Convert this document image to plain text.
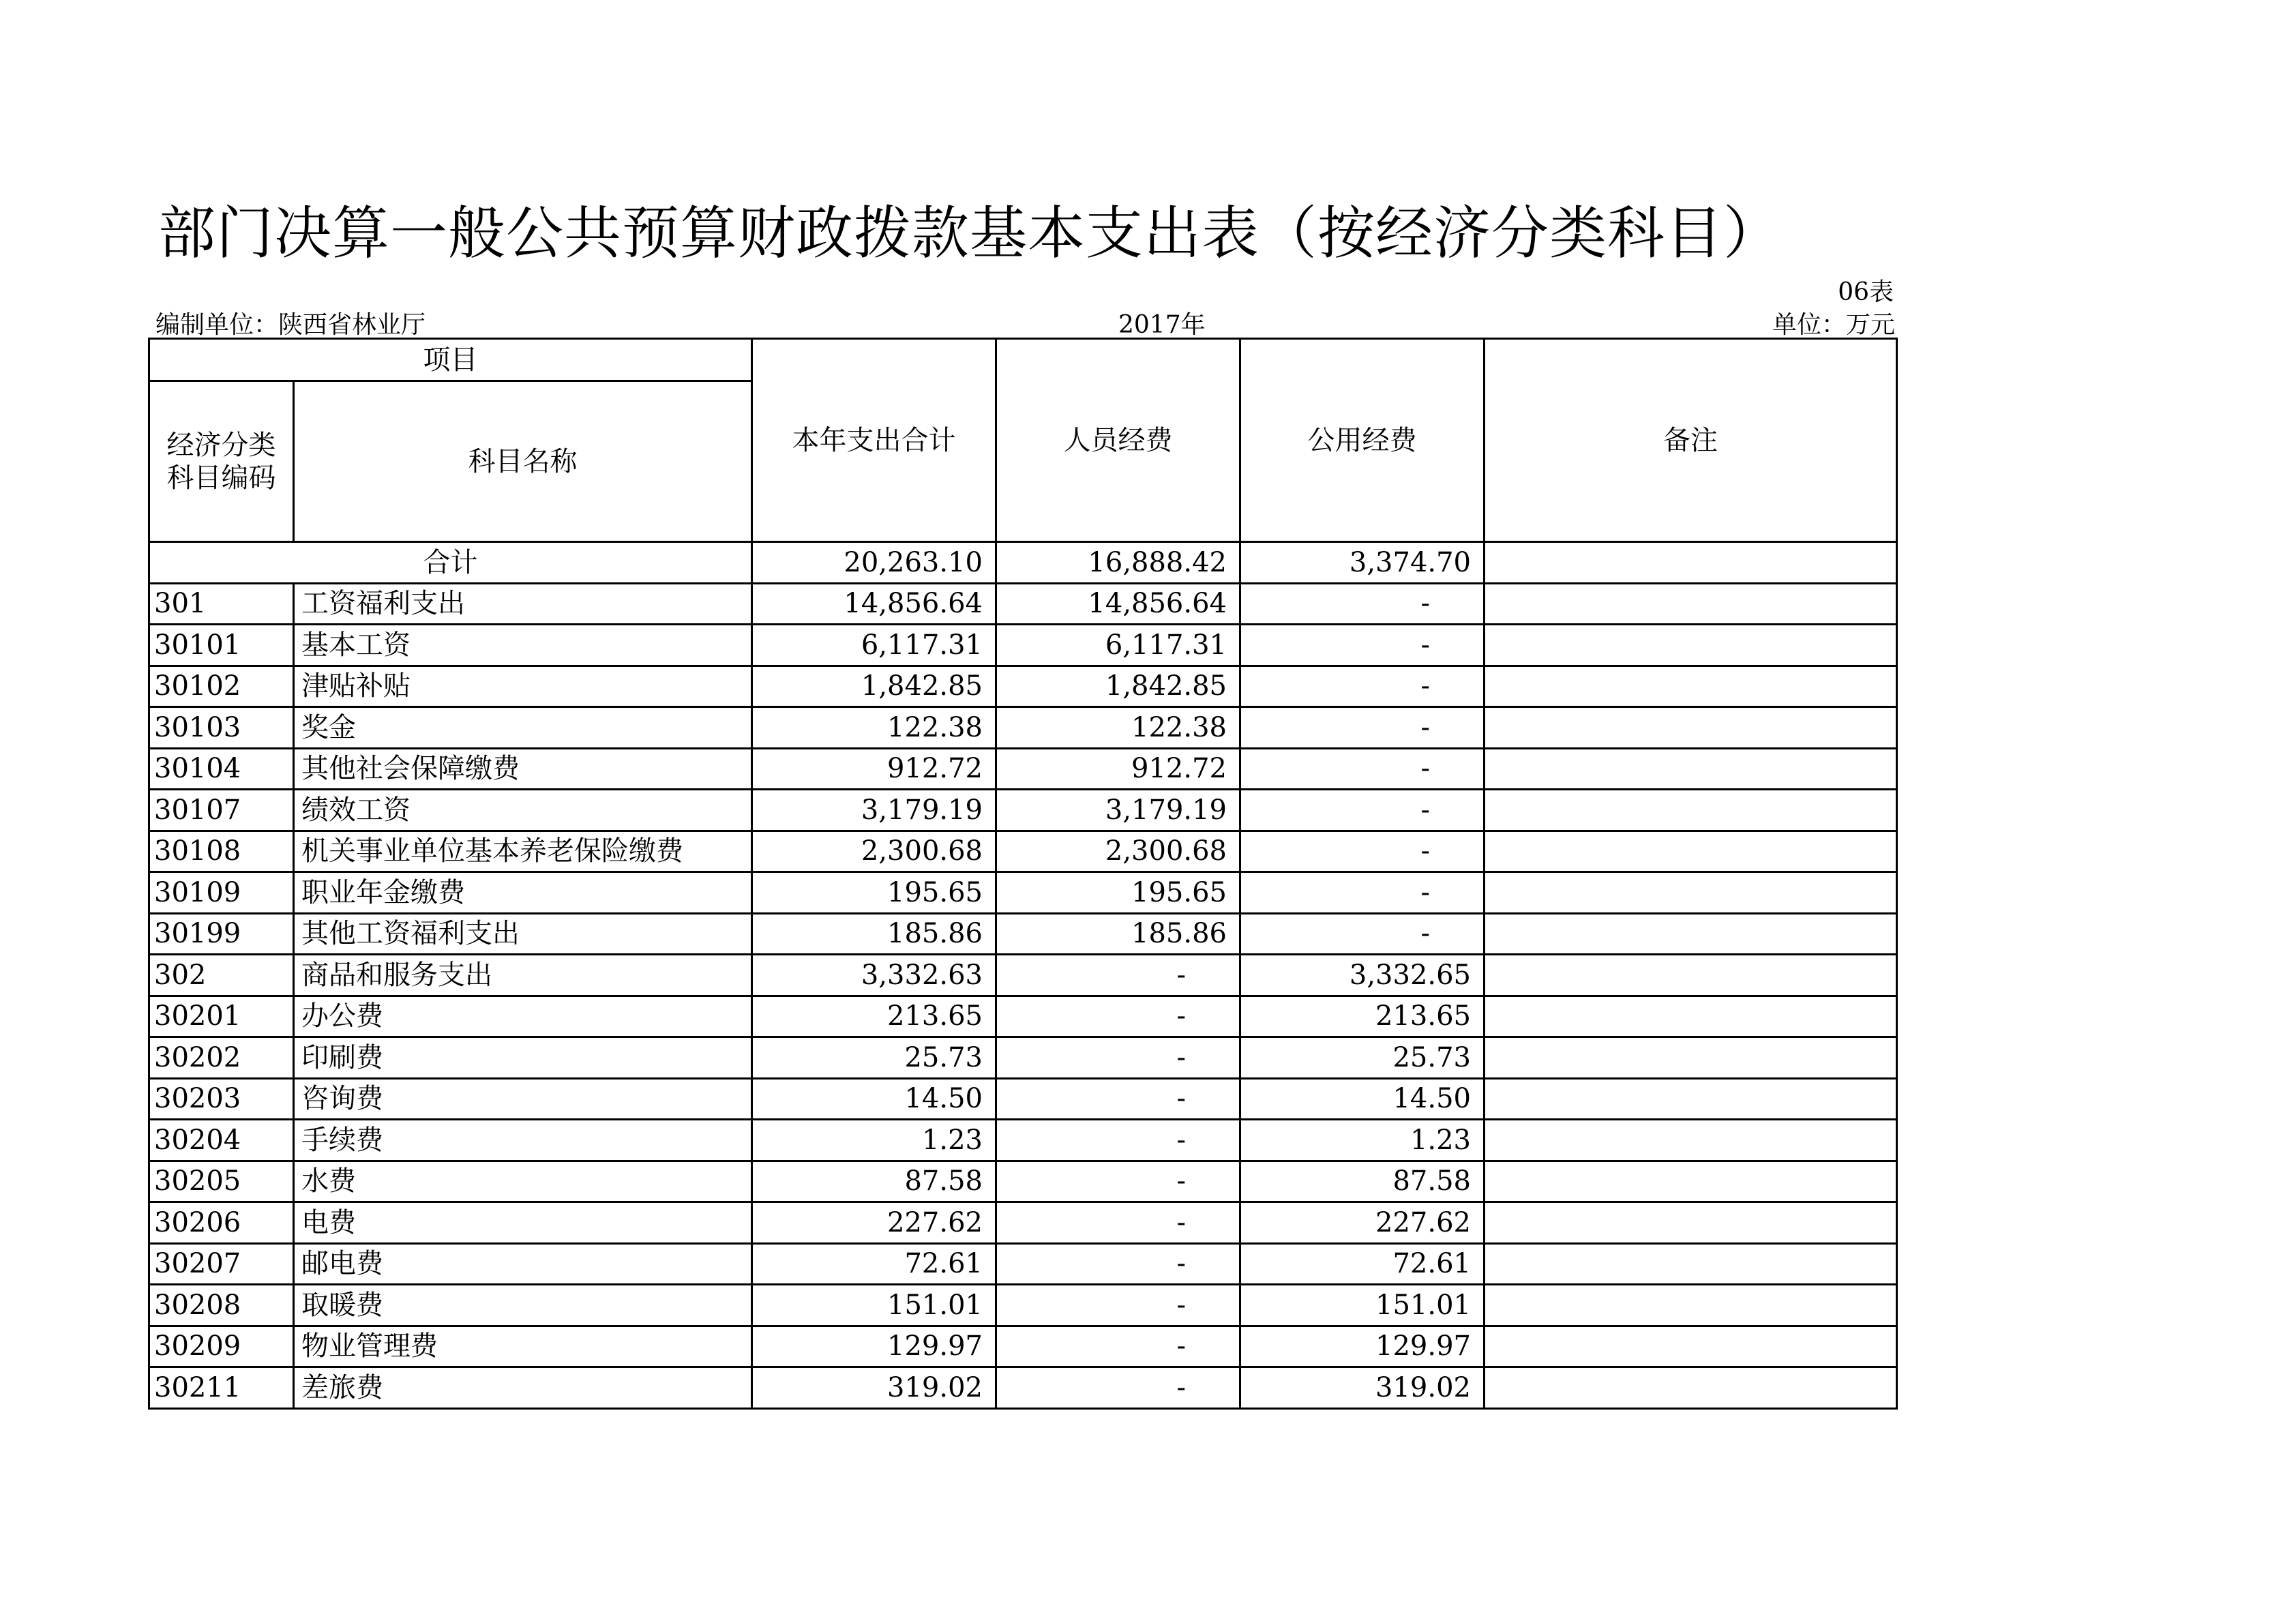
部门决算一般公共预算财政拨款基本支出表（按经济分类科目）
06表
编制单位：陕西省林业厅	2017年	单位：万元
项目		本年支出合计	人员经费	公用经费	备注
经济分类科目编码	科目名称				
合计		20,263.10	16,888.42	3,374.70	
301	工资福利支出	14,856.64	14,856.64	-	
30101	基本工资	6,117.31	6,117.31	-	
30102	津贴补贴	1,842.85	1,842.85	-	
30103	奖金	122.38	122.38	-	
30104	其他社会保障缴费	912.72	912.72	-	
30107	绩效工资	3,179.19	3,179.19	-	
30108	机关事业单位基本养老保险缴费	2,300.68	2,300.68	-	
30109	职业年金缴费	195.65	195.65	-	
30199	其他工资福利支出	185.86	185.86	-	
302	商品和服务支出	3,332.63	-	3,332.65	
30201	办公费	213.65	-	213.65	
30202	印刷费	25.73	-	25.73	
30203	咨询费	14.50	-	14.50	
30204	手续费	1.23	-	1.23	
30205	水费	87.58	-	87.58	
30206	电费	227.62	-	227.62	
30207	邮电费	72.61	-	72.61	
30208	取暖费	151.01	-	151.01	
30209	物业管理费	129.97	-	129.97	
30211	差旅费	319.02	-	319.02	
